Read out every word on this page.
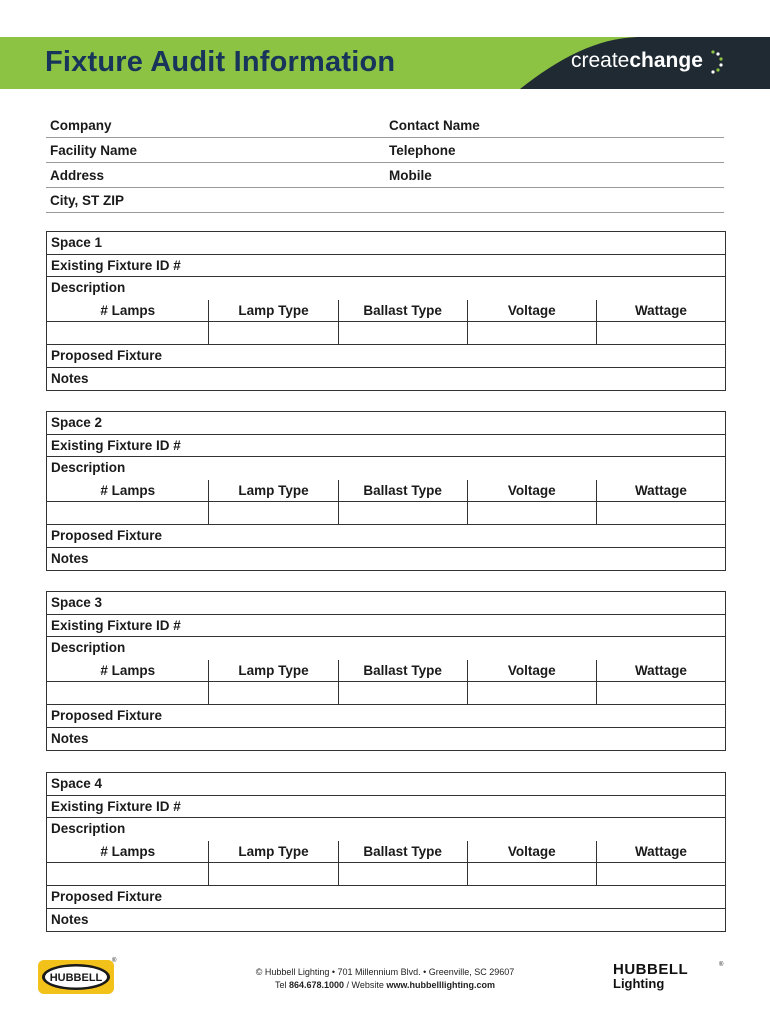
Fixture Audit Information	createchange
Company	Contact Name
Facility Name	Telephone
Address	Mobile
City, ST ZIP
Space 1
Existing Fixture ID #
Description
# Lamps	Lamp Type	Ballast Type	Voltage	Wattage
Proposed Fixture
Notes
Space 2
Existing Fixture ID #
Description
# Lamps	Lamp Type	Ballast Type	Voltage	Wattage
Proposed Fixture
Notes
Space 3
Existing Fixture ID #
Description
# Lamps	Lamp Type	Ballast Type	Voltage	Wattage
Proposed Fixture
Notes
Space 4
Existing Fixture ID #
Description
# Lamps	Lamp Type	Ballast Type	Voltage	Wattage
Proposed Fixture
Notes
HUBBELL
®
© Hubbell Lighting • 701 Millennium Blvd. • Greenville, SC 29607
Tel 864.678.1000 / Website www.hubbelllighting.com
HUBBELL
Lighting
®
